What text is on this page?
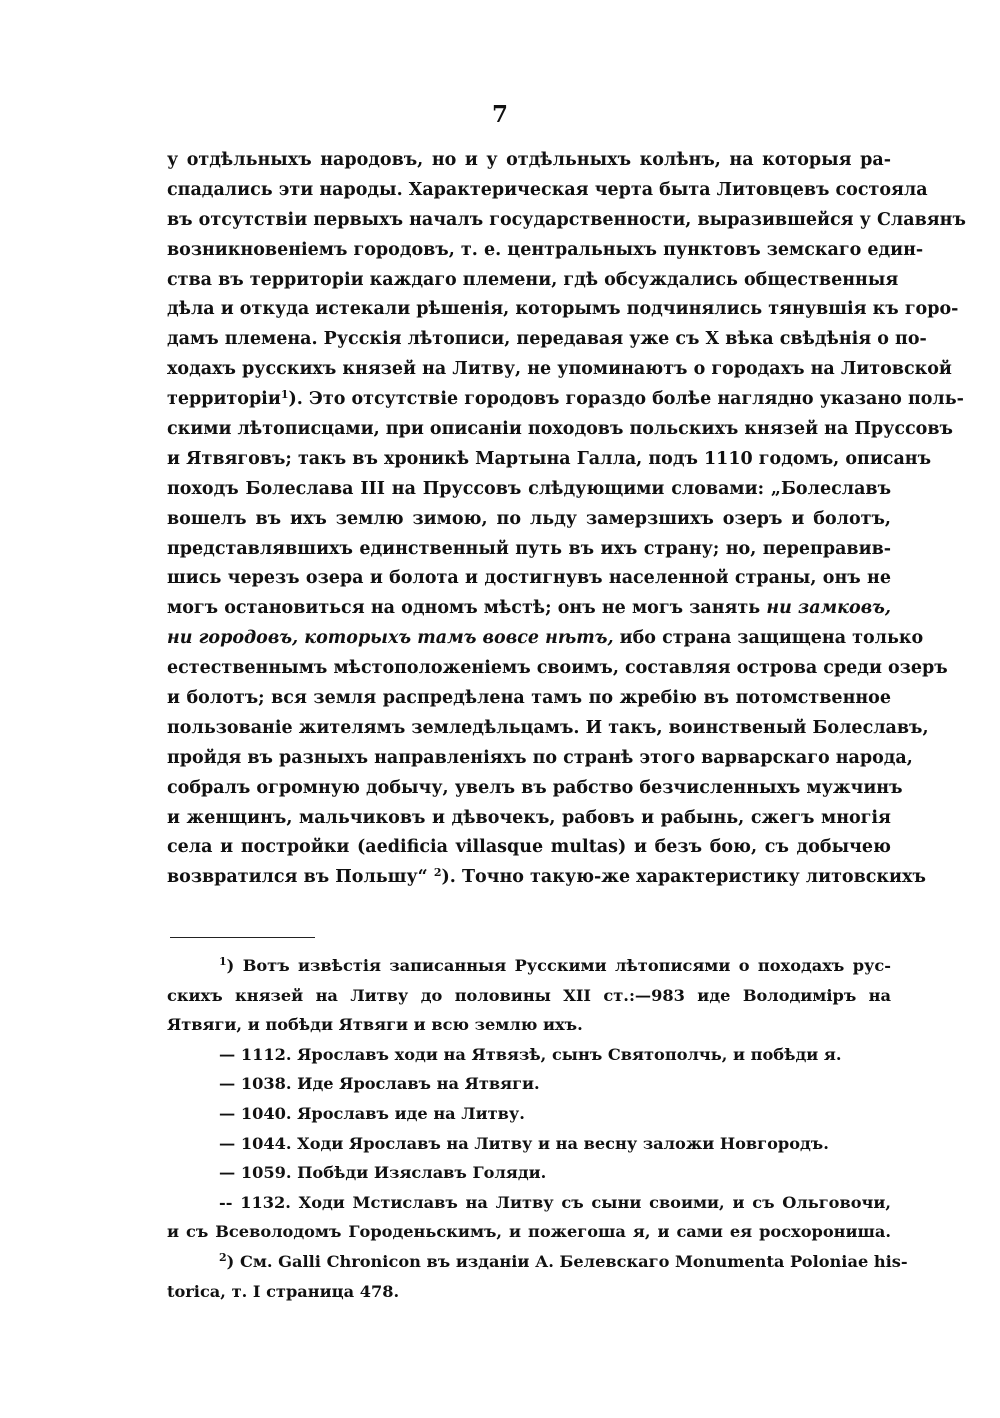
7
у отдѣльныхъ народовъ, но и у отдѣльныхъ колѣнъ, на которыя ра-
спадались эти народы. Характерическая черта быта Литовцевъ состояла
въ отсутствіи первыхъ началъ государственности, выразившейся у Славянъ
возникновеніемъ городовъ, т. е. центральныхъ пунктовъ земскаго един-
ства въ территоріи каждаго племени, гдѣ обсуждались общественныя
дѣла и откуда истекали рѣшенія, которымъ подчинялись тянувшія къ горо-
дамъ племена. Русскія лѣтописи, передавая уже съ X вѣка свѣдѣнія о по-
ходахъ русскихъ князей на Литву, не упоминаютъ о городахъ на Литовской
территоріи$^1$). Это отсутствіе городовъ гораздо болѣе наглядно указано поль-
скими лѣтописцами, при описаніи походовъ польскихъ князей на Пруссовъ
и Ятвяговъ; такъ въ хроникѣ Мартына Галла, подъ 1110 годомъ, описанъ
походъ Болеслава III на Пруссовъ слѣдующими словами: „Болеславъ
вошелъ въ ихъ землю зимою, по льду замерзшихъ озеръ и болотъ,
представлявшихъ единственный путь въ ихъ страну; но, переправив-
шись черезъ озера и болота и достигнувъ населенной страны, онъ не
могъ остановиться на одномъ мѣстѣ; онъ не могъ занять ни замковъ,
ни городовъ, которыхъ тамъ вовсе нѣтъ, ибо страна защищена только
естественнымъ мѣстоположеніемъ своимъ, составляя острова среди озеръ
и болотъ; вся земля распредѣлена тамъ по жребію въ потомственное
пользованіе жителямъ земледѣльцамъ. И такъ, воинственый Болеславъ,
пройдя въ разныхъ направленіяхъ по странѣ этого варварскаго народа,
собралъ огромную добычу, увелъ въ рабство безчисленныхъ мужчинъ
и женщинъ, мальчиковъ и дѣвочекъ, рабовъ и рабынь, сжегъ многія
села и постройки (aedificia villasque multas) и безъ бою, съ добычею
возвратился въ Польшу“ $^2$). Точно такую-же характеристику литовскихъ
$^1$) Вотъ извѣстія записанныя Русскими лѣтописями о походахъ рус-
скихъ князей на Литву до половины XII ст.:—983 иде Володиміръ на
Ятвяги, и побѣди Ятвяги и всю землю ихъ.
— 1112. Ярославъ ходи на Ятвязѣ, сынъ Святополчь, и побѣди я.
— 1038. Иде Ярославъ на Ятвяги.
— 1040. Ярославъ иде на Литву.
— 1044. Ходи Ярославъ на Литву и на весну заложи Новгородъ.
— 1059. Побѣди Изяславъ Голяди.
-- 1132. Ходи Мстиславъ на Литву съ сыни своими, и съ Ольговочи,
и съ Всеволодомъ Городеньскимъ, и пожегоша я, и сами ея росхорониша.
$^2$) См. Galli Chronicon въ изданіи А. Белевскаго Monumenta Poloniae his-
torica, т. I страница 478.
